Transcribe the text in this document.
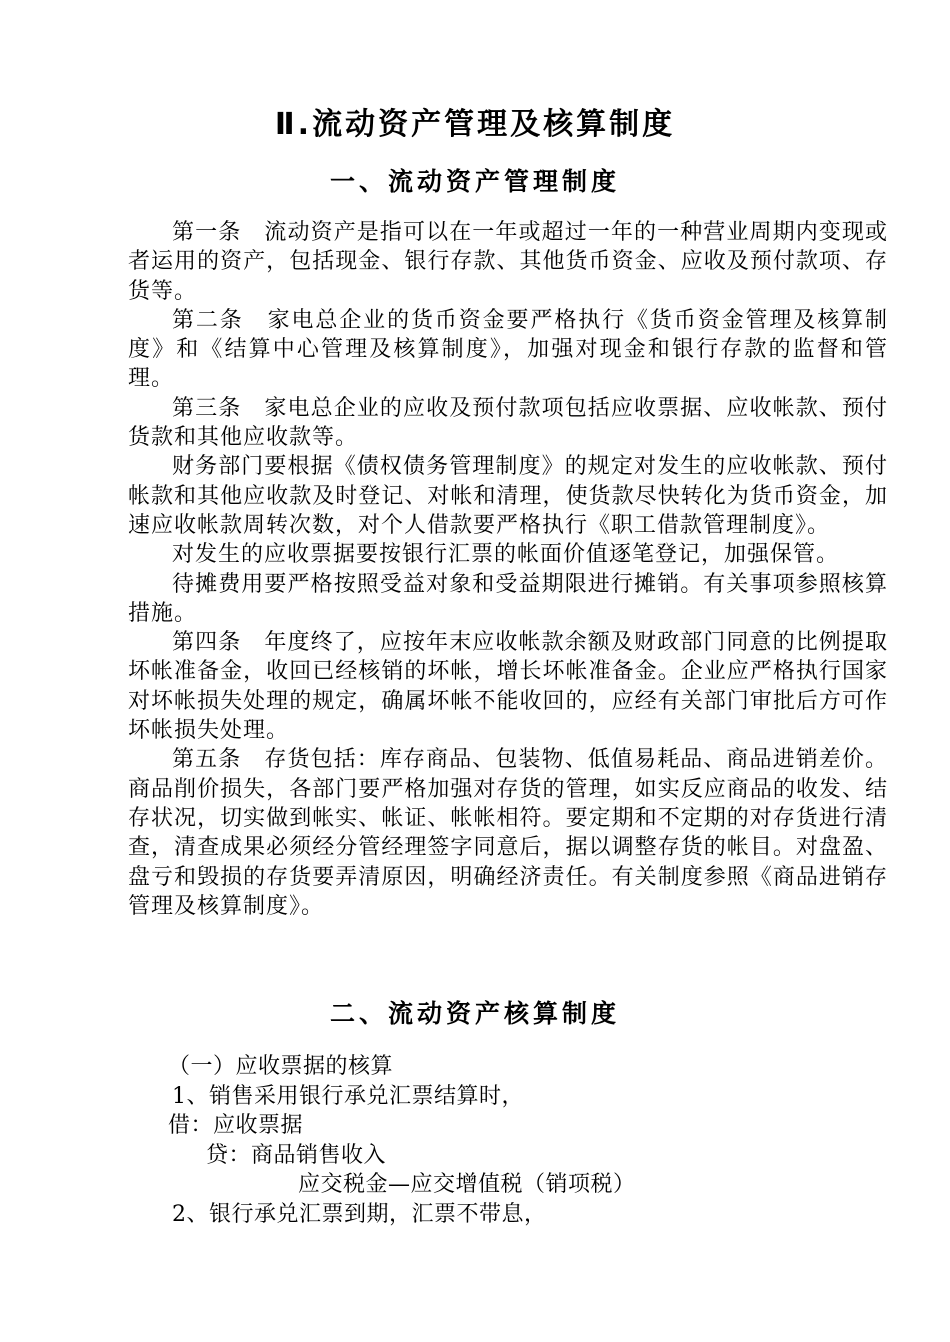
Ⅱ.流动资产管理及核算制度
一、流动资产管理制度

第一条　流动资产是指可以在一年或超过一年的一种营业周期内变现或者运用的资产，包括现金、银行存款、其他货币资金、应收及预付款项、存货等。

第二条　家电总企业的货币资金要严格执行《货币资金管理及核算制度》和《结算中心管理及核算制度》，加强对现金和银行存款的监督和管理。

第三条　家电总企业的应收及预付款项包括应收票据、应收帐款、预付货款和其他应收款等。

财务部门要根据《债权债务管理制度》的规定对发生的应收帐款、预付帐款和其他应收款及时登记、对帐和清理，使货款尽快转化为货币资金，加速应收帐款周转次数，对个人借款要严格执行《职工借款管理制度》。

对发生的应收票据要按银行汇票的帐面价值逐笔登记，加强保管。

待摊费用要严格按照受益对象和受益期限进行摊销。有关事项参照核算措施。

第四条　年度终了，应按年末应收帐款余额及财政部门同意的比例提取坏帐准备金，收回已经核销的坏帐，增长坏帐准备金。企业应严格执行国家对坏帐损失处理的规定，确属坏帐不能收回的，应经有关部门审批后方可作坏帐损失处理。

第五条　存货包括：库存商品、包装物、低值易耗品、商品进销差价。商品削价损失，各部门要严格加强对存货的管理，如实反应商品的收发、结存状况，切实做到帐实、帐证、帐帐相符。要定期和不定期的对存货进行清查，清查成果必须经分管经理签字同意后，据以调整存货的帐目。对盘盈、盘亏和毁损的存货要弄清原因，明确经济责任。有关制度参照《商品进销存管理及核算制度》。

二、流动资产核算制度

（一）应收票据的核算

1、销售采用银行承兑汇票结算时，

借：应收票据

贷：商品销售收入

应交税金—应交增值税（销项税）

2、银行承兑汇票到期，汇票不带息，
